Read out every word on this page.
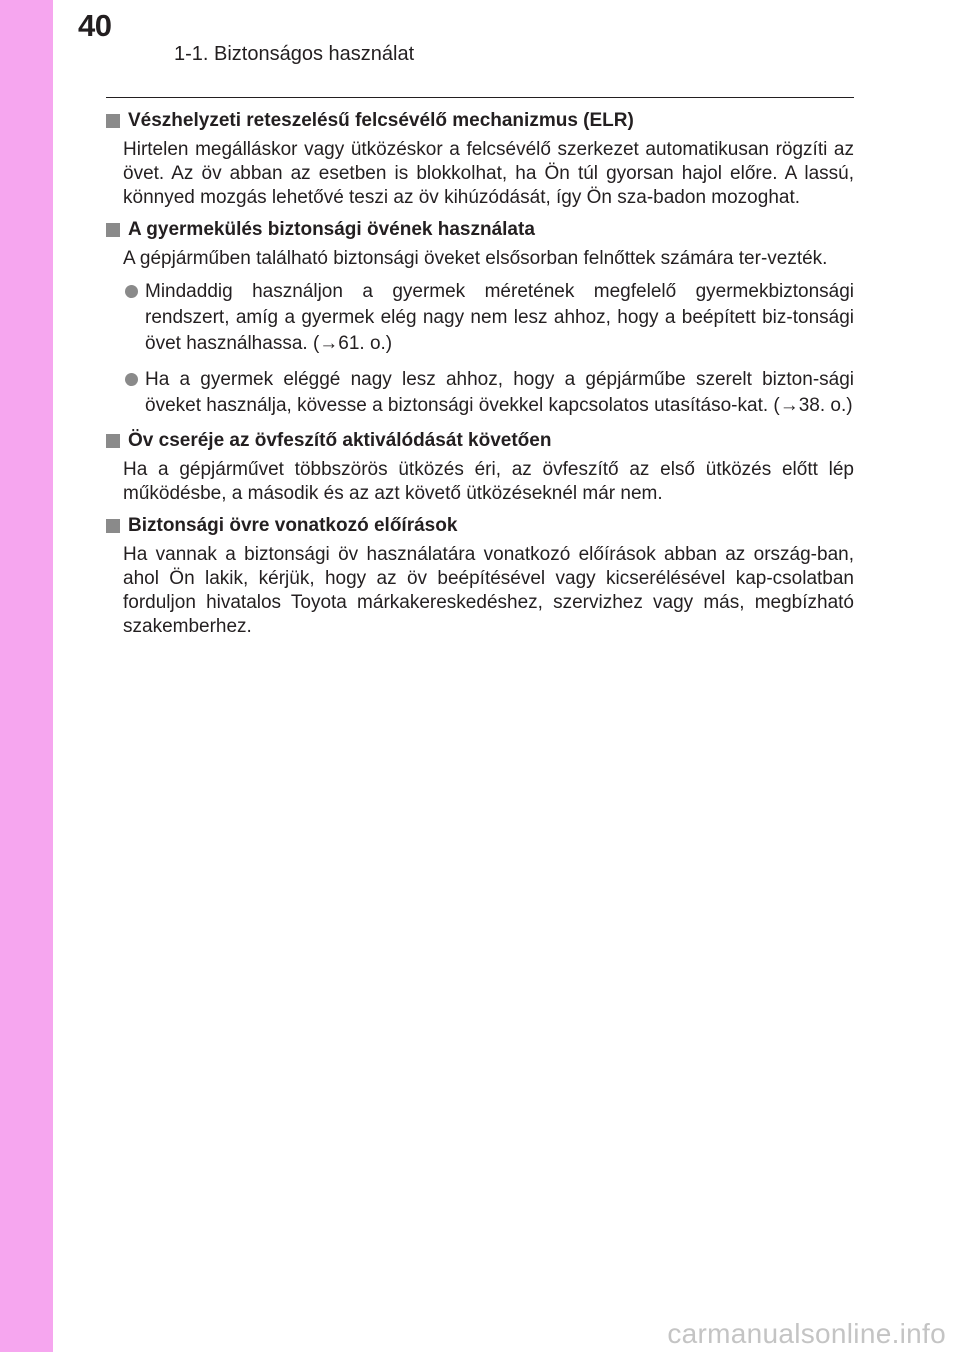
40
1-1. Biztonságos használat
Vészhelyzeti reteszelésű felcsévélő mechanizmus (ELR)

Hirtelen megálláskor vagy ütközéskor a felcsévélő szerkezet automatikusan rögzíti az övet. Az öv abban az esetben is blokkolhat, ha Ön túl gyorsan hajol előre. A lassú, könnyed mozgás lehetővé teszi az öv kihúzódását, így Ön sza-badon mozoghat.

A gyermekülés biztonsági övének használata

A gépjárműben található biztonsági öveket elsősorban felnőttek számára ter-vezték.

Mindaddig használjon a gyermek méretének megfelelő gyermekbiztonsági rendszert, amíg a gyermek elég nagy nem lesz ahhoz, hogy a beépített biz-tonsági övet használhassa. (→61. o.)
Ha a gyermek eléggé nagy lesz ahhoz, hogy a gépjárműbe szerelt bizton-sági öveket használja, kövesse a biztonsági övekkel kapcsolatos utasításo-kat. (→38. o.)
Öv cseréje az övfeszítő aktiválódását követően

Ha a gépjárművet többszörös ütközés éri, az övfeszítő az első ütközés előtt lép működésbe, a második és az azt követő ütközéseknél már nem.

Biztonsági övre vonatkozó előírások

Ha vannak a biztonsági öv használatára vonatkozó előírások abban az ország-ban, ahol Ön lakik, kérjük, hogy az öv beépítésével vagy kicserélésével kap-csolatban forduljon hivatalos Toyota márkakereskedéshez, szervizhez vagy más, megbízható szakemberhez.

carmanualsonline.info
